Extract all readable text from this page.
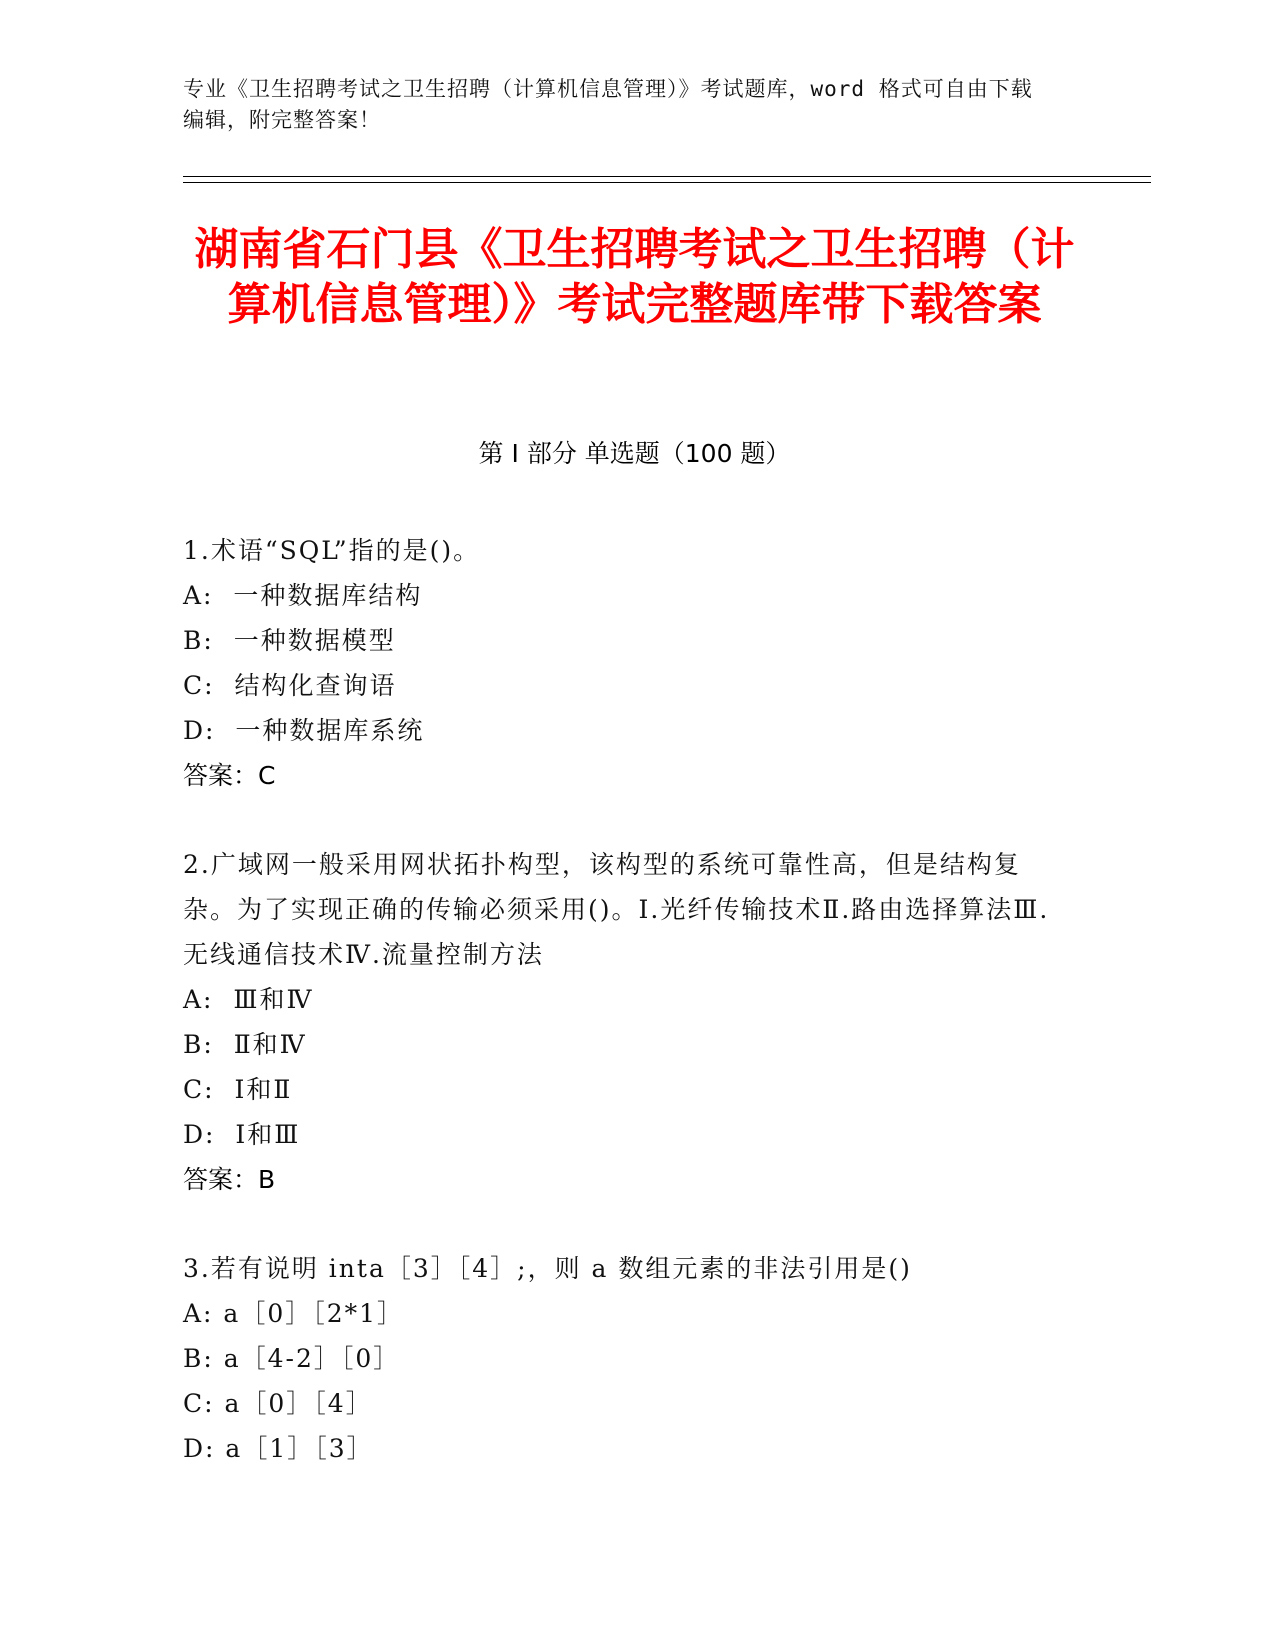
专业《卫生招聘考试之卫生招聘（计算机信息管理）》考试题库，word 格式可自由下载编辑，附完整答案！
湖南省石门县《卫生招聘考试之卫生招聘（计算机信息管理）》考试完整题库带下载答案
第 I 部分 单选题（100 题）

1.术语“SQL”指的是()。

A:  一种数据库结构

B:  一种数据模型

C:  结构化查询语

D:  一种数据库系统

答案：C

2.广域网一般采用网状拓扑构型，该构型的系统可靠性高，但是结构复杂。为了实现正确的传输必须采用()。Ⅰ.光纤传输技术Ⅱ.路由选择算法Ⅲ.无线通信技术Ⅳ.流量控制方法

A:  Ⅲ和Ⅳ

B:  Ⅱ和Ⅳ

C:  Ⅰ和Ⅱ

D:  Ⅰ和Ⅲ

答案：B

3.若有说明 inta［3］［4］;，则 a 数组元素的非法引用是()

A: a［0］［2*1］

B: a［4-2］［0］

C: a［0］［4］

D: a［1］［3］
